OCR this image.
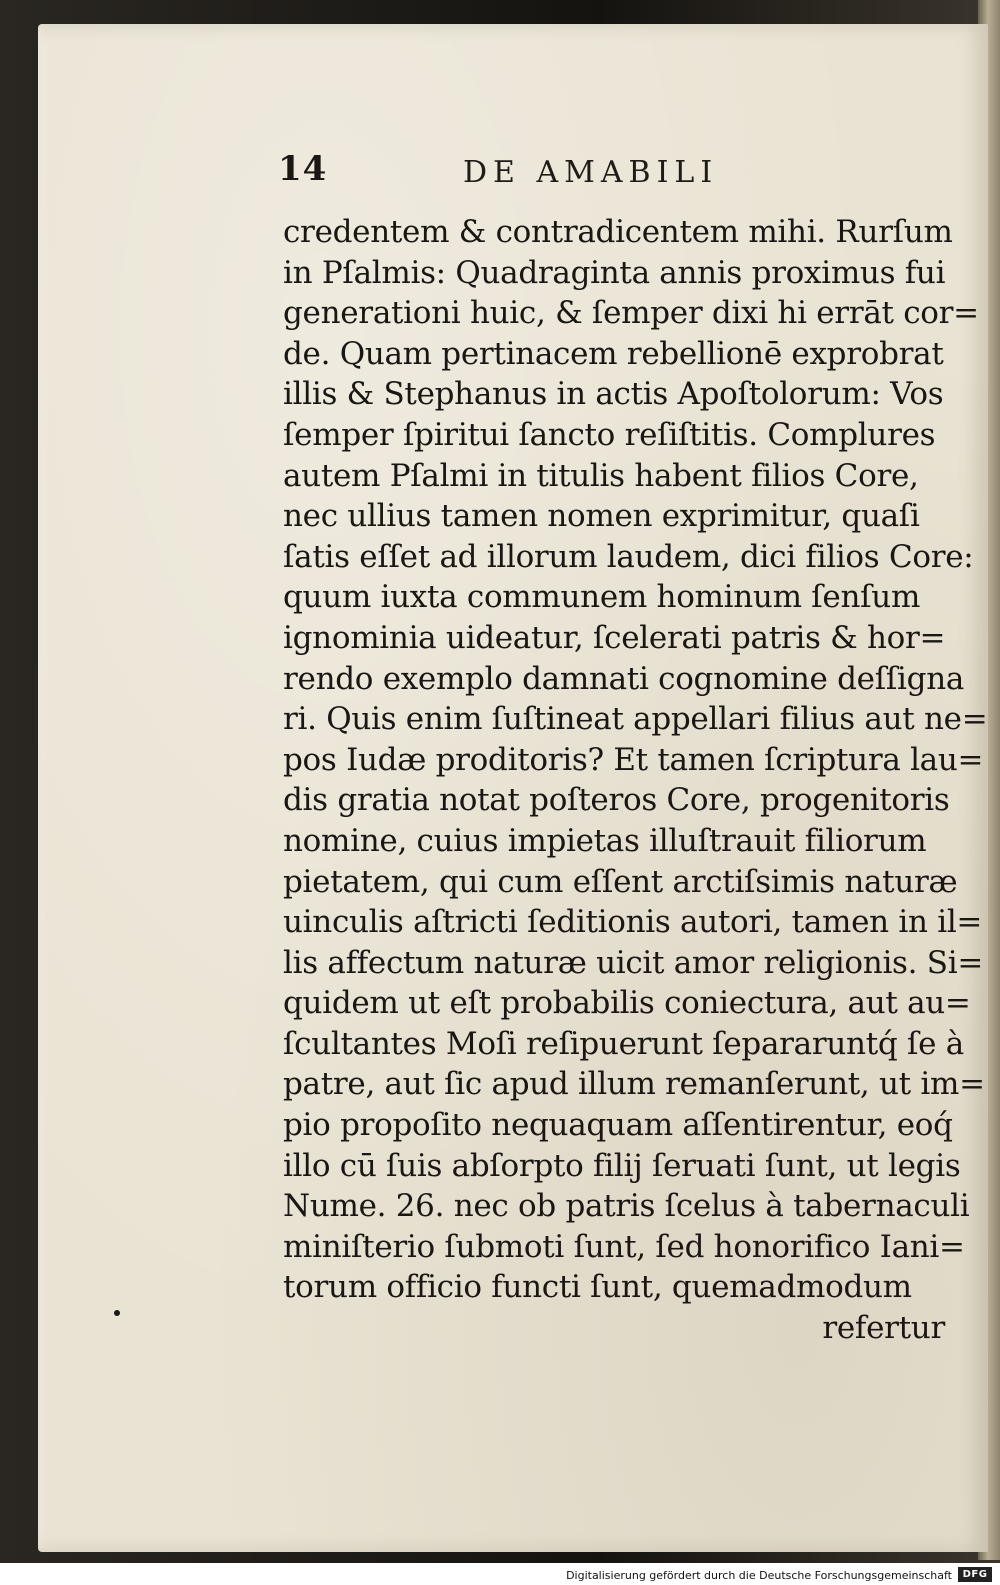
14	DE AMABILI
credentem & contradicentem mihi. Rurſum
in Pſalmis: Quadraginta annis proximus fui
generationi huic, & ſemper dixi hi errāt cor=
de. Quam pertinacem rebellionē exprobrat
illis & Stephanus in actis Apoſtolorum: Vos
ſemper ſpiritui ſancto reſiſtitis. Complures
autem Pſalmi in titulis habent filios Core,
nec ullius tamen nomen exprimitur, quaſi
ſatis eſſet ad illorum laudem, dici filios Core:
quum iuxta communem hominum ſenſum
ignominia uideatur, ſcelerati patris & hor=
rendo exemplo damnati cognomine deſſigna
ri. Quis enim ſuſtineat appellari filius aut ne=
pos Iudæ proditoris? Et tamen ſcriptura lau=
dis gratia notat poſteros Core, progenitoris
nomine, cuius impietas illuſtrauit filiorum
pietatem, qui cum eſſent arctiſsimis naturæ
uinculis aſtricti ſeditionis autori, tamen in il=
lis affectum naturæ uicit amor religionis. Si=
quidem ut eſt probabilis coniectura, aut au=
ſcultantes Moſi reſipuerunt ſepararuntq́ ſe à
patre, aut ſic apud illum remanſerunt, ut im=
pio propoſito nequaquam aſſentirentur, eoq́
illo cū ſuis abſorpto filij ſeruati ſunt, ut legis
Nume. 26. nec ob patris ſcelus à tabernaculi
miniſterio ſubmoti ſunt, ſed honorifico Iani=
torum officio functi ſunt, quemadmodum
refertur
Digitalisierung gefördert durch die Deutsche Forschungsgemeinschaft	DFG
